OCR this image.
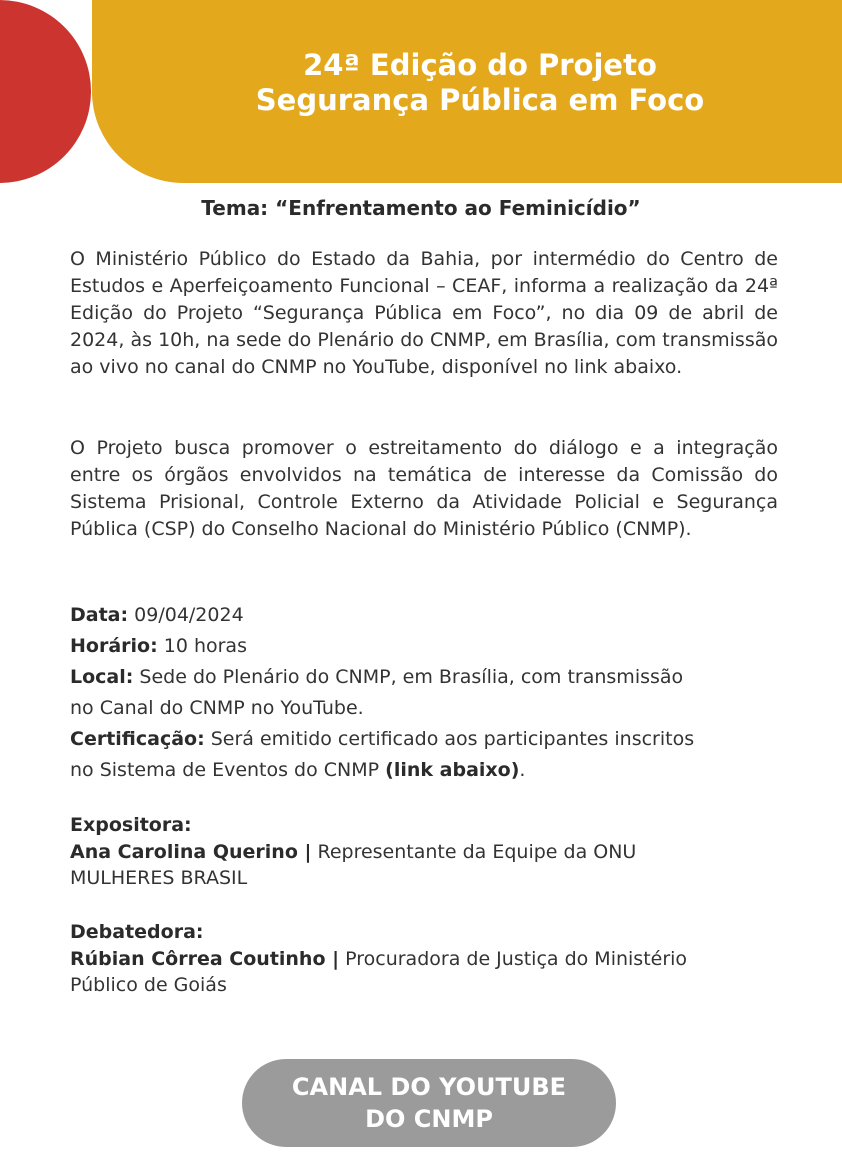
24ª Edição do Projeto
Segurança Pública em Foco
Tema: “Enfrentamento ao Feminicídio”

O Ministério Público do Estado da Bahia, por intermédio do Centro de Estudos e Aperfeiçoamento Funcional – CEAF, informa a realização da 24ª Edição do Projeto “Segurança Pública em Foco”, no dia 09 de abril de 2024, às 10h, na sede do Plenário do CNMP, em Brasília, com transmissão ao vivo no canal do CNMP no YouTube, disponível no link abaixo.

O Projeto busca promover o estreitamento do diálogo e a integração entre os órgãos envolvidos na temática de interesse da Comissão do Sistema Prisional, Controle Externo da Atividade Policial e Segurança Pública (CSP) do Conselho Nacional do Ministério Público (CNMP).

Data: 09/04/2024
Horário: 10 horas
Local: Sede do Plenário do CNMP, em Brasília, com transmissão
no Canal do CNMP no YouTube.
Certificação: Será emitido certificado aos participantes inscritos
no Sistema de Eventos do CNMP (link abaixo).
Expositora:
Ana Carolina Querino | Representante da Equipe da ONU
MULHERES BRASIL
Debatedora:
Rúbian Côrrea Coutinho | Procuradora de Justiça do Ministério
Público de Goiás
CANAL DO YOUTUBE
DO CNMP
